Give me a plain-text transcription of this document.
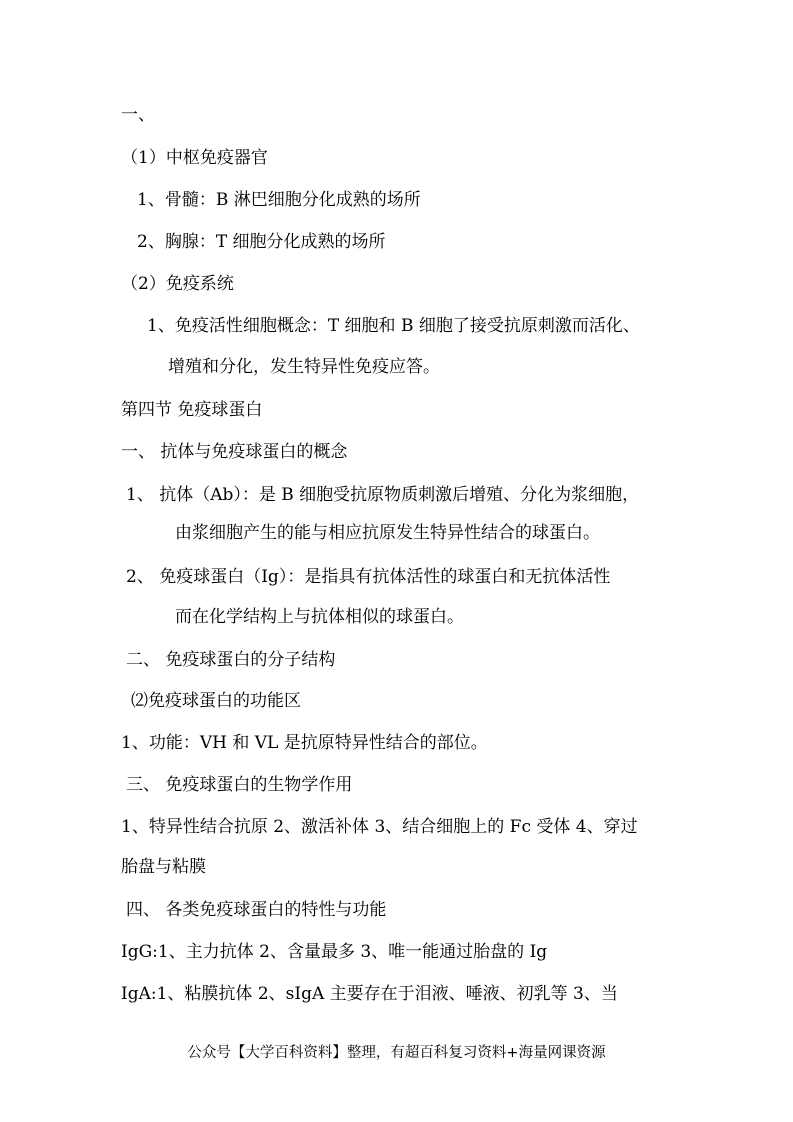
一、
（1）中枢免疫器官
1、骨髓：B 淋巴细胞分化成熟的场所
2、胸腺：T 细胞分化成熟的场所
（2）免疫系统
1、免疫活性细胞概念：T 细胞和 B 细胞了接受抗原刺激而活化、
增殖和分化，发生特异性免疫应答。
第四节 免疫球蛋白
一、 抗体与免疫球蛋白的概念
1、 抗体（Ab）：是 B 细胞受抗原物质刺激后增殖、分化为浆细胞，
由浆细胞产生的能与相应抗原发生特异性结合的球蛋白。
2、 免疫球蛋白（Ig）：是指具有抗体活性的球蛋白和无抗体活性
而在化学结构上与抗体相似的球蛋白。
二、 免疫球蛋白的分子结构
⑵免疫球蛋白的功能区
1、功能：VH 和 VL 是抗原特异性结合的部位。
三、 免疫球蛋白的生物学作用
1、特异性结合抗原 2、激活补体 3、结合细胞上的 Fc 受体 4、穿过
胎盘与粘膜
四、 各类免疫球蛋白的特性与功能
IgG:1、主力抗体 2、含量最多 3、唯一能通过胎盘的 Ig
IgA:1、粘膜抗体 2、sIgA 主要存在于泪液、唾液、初乳等 3、当
公众号【大学百科资料】整理，有超百科复习资料+海量网课资源
